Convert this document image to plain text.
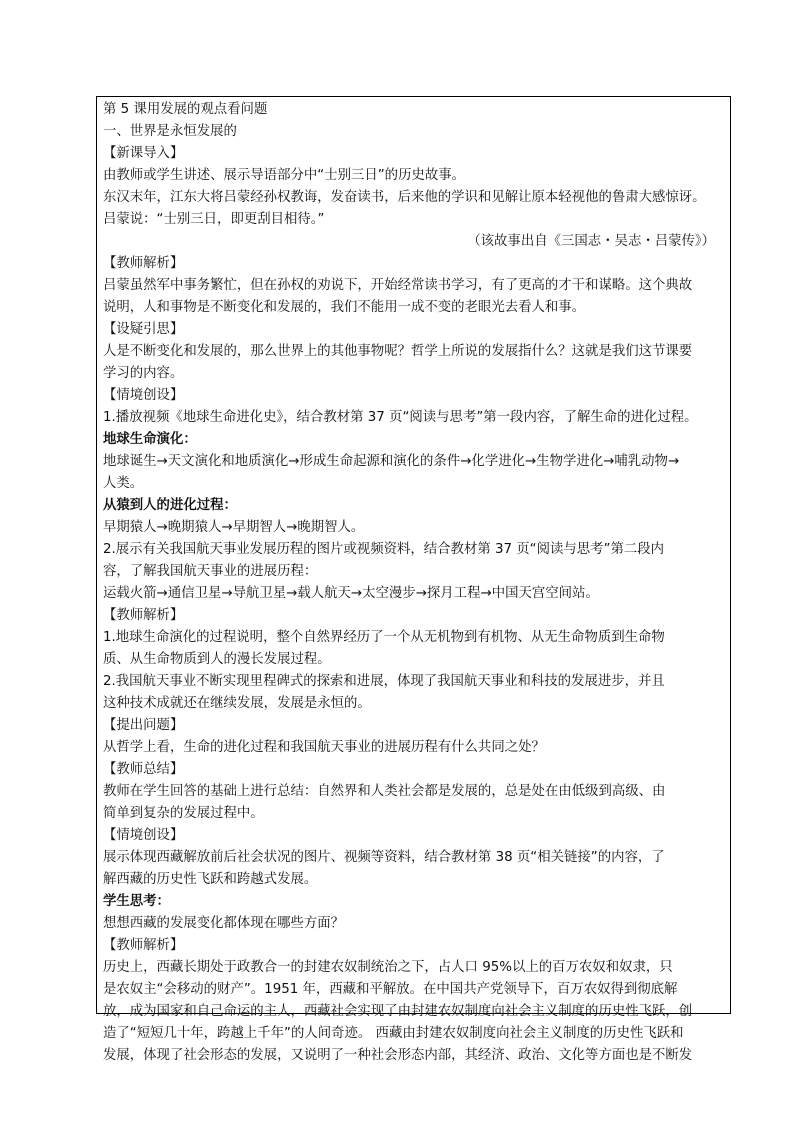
第 5 课用发展的观点看问题
一、世界是永恒发展的
【新课导入】
由教师或学生讲述、展示导语部分中“士别三日”的历史故事。
东汉末年，江东大将吕蒙经孙权教诲，发奋读书，后来他的学识和见解让原本轻视他的鲁肃大感惊讶。
吕蒙说：“士别三日，即更刮目相待。”
（该故事出自《三国志・吴志・吕蒙传》）
【教师解析】
吕蒙虽然军中事务繁忙，但在孙权的劝说下，开始经常读书学习，有了更高的才干和谋略。这个典故
说明，人和事物是不断变化和发展的，我们不能用一成不变的老眼光去看人和事。
【设疑引思】
人是不断变化和发展的，那么世界上的其他事物呢？哲学上所说的发展指什么？这就是我们这节课要
学习的内容。
【情境创设】
1.播放视频《地球生命进化史》，结合教材第 37 页“阅读与思考”第一段内容，了解生命的进化过程。
地球生命演化：
地球诞生→天文演化和地质演化→形成生命起源和演化的条件→化学进化→生物学进化→哺乳动物→
人类。
从猿到人的进化过程：
早期猿人→晚期猿人→早期智人→晚期智人。
2.展示有关我国航天事业发展历程的图片或视频资料，结合教材第 37 页“阅读与思考”第二段内
容，了解我国航天事业的进展历程：
运载火箭→通信卫星→导航卫星→载人航天→太空漫步→探月工程→中国天宫空间站。
【教师解析】
1.地球生命演化的过程说明，整个自然界经历了一个从无机物到有机物、从无生命物质到生命物
质、从生命物质到人的漫长发展过程。
2.我国航天事业不断实现里程碑式的探索和进展，体现了我国航天事业和科技的发展进步，并且
这种技术成就还在继续发展，发展是永恒的。
【提出问题】
从哲学上看，生命的进化过程和我国航天事业的进展历程有什么共同之处？
【教师总结】
教师在学生回答的基础上进行总结：自然界和人类社会都是发展的，总是处在由低级到高级、由
简单到复杂的发展过程中。
【情境创设】
展示体现西藏解放前后社会状况的图片、视频等资料，结合教材第 38 页“相关链接”的内容，了
解西藏的历史性飞跃和跨越式发展。
学生思考：
想想西藏的发展变化都体现在哪些方面？
【教师解析】
历史上，西藏长期处于政教合一的封建农奴制统治之下，占人口 95%以上的百万农奴和奴隶，只
是农奴主“会移动的财产”。1951 年，西藏和平解放。在中国共产党领导下，百万农奴得到彻底解
放，成为国家和自己命运的主人，西藏社会实现了由封建农奴制度向社会主义制度的历史性飞跃，创
造了“短短几十年，跨越上千年”的人间奇迹。 西藏由封建农奴制度向社会主义制度的历史性飞跃和
发展，体现了社会形态的发展，又说明了一种社会形态内部，其经济、政治、文化等方面也是不断发
